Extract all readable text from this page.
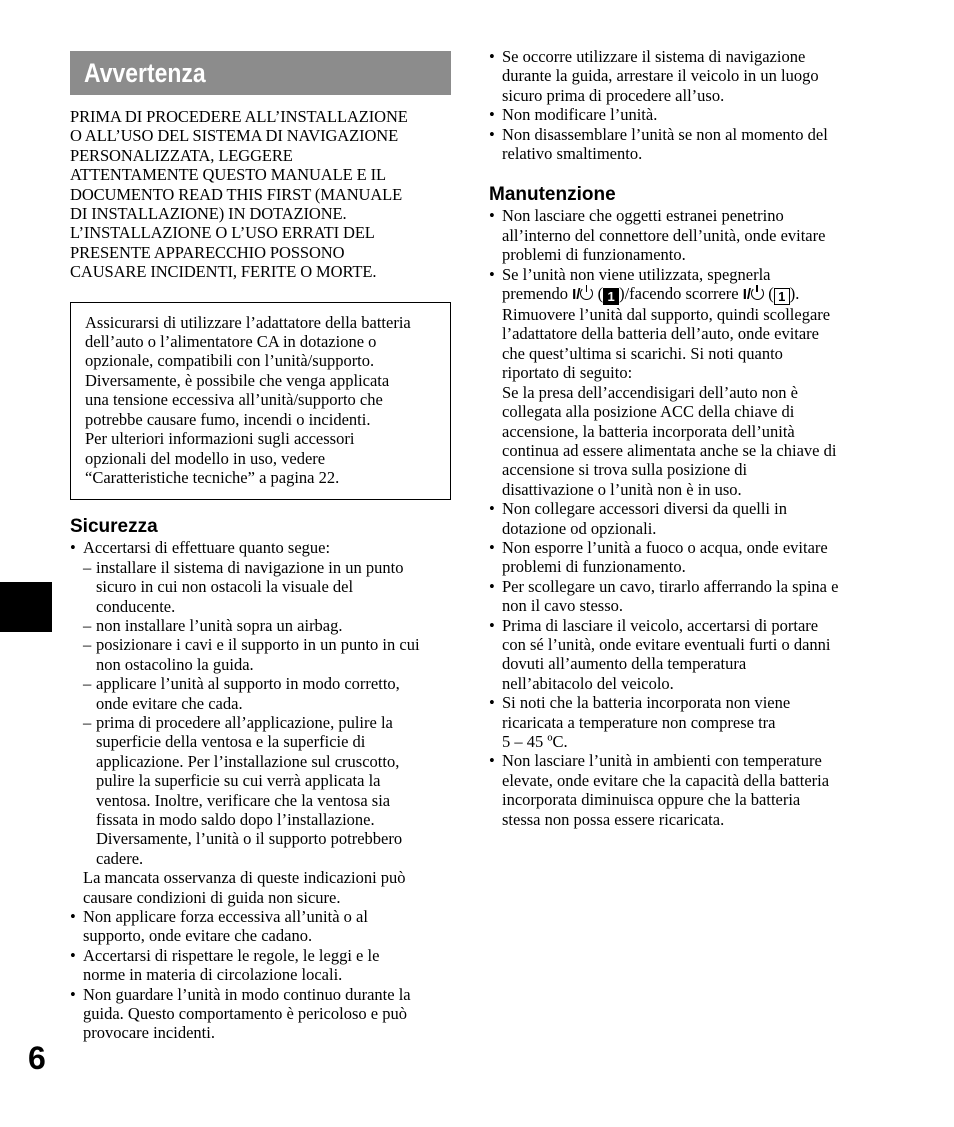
6
Avvertenza
PRIMA DI PROCEDERE ALL’INSTALLAZIONE
O ALL’USO DEL SISTEMA DI NAVIGAZIONE
PERSONALIZZATA, LEGGERE
ATTENTAMENTE QUESTO MANUALE E IL
DOCUMENTO READ THIS FIRST (MANUALE
DI INSTALLAZIONE) IN DOTAZIONE.
L’INSTALLAZIONE O L’USO ERRATI DEL
PRESENTE APPARECCHIO POSSONO
CAUSARE INCIDENTI, FERITE O MORTE.
Assicurarsi di utilizzare l’adattatore della batteria
dell’auto o l’alimentatore CA in dotazione o
opzionale, compatibili con l’unità/supporto.
Diversamente, è possibile che venga applicata
una tensione eccessiva all’unità/supporto che
potrebbe causare fumo, incendi o incidenti.
Per ulteriori informazioni sugli accessori
opzionali del modello in uso, vedere
“Caratteristiche tecniche” a pagina 22.
Sicurezza
• Accertarsi di effettuare quanto segue:
– installare il sistema di navigazione in un punto
sicuro in cui non ostacoli la visuale del
conducente.
– non installare l’unità sopra un airbag.
– posizionare i cavi e il supporto in un punto in cui
non ostacolino la guida.
– applicare l’unità al supporto in modo corretto,
onde evitare che cada.
– prima di procedere all’applicazione, pulire la
superficie della ventosa e la superficie di
applicazione. Per l’installazione sul cruscotto,
pulire la superficie su cui verrà applicata la
ventosa. Inoltre, verificare che la ventosa sia
fissata in modo saldo dopo l’installazione.
Diversamente, l’unità o il supporto potrebbero
cadere.
La mancata osservanza di queste indicazioni può
causare condizioni di guida non sicure.
• Non applicare forza eccessiva all’unità o al
supporto, onde evitare che cadano.
• Accertarsi di rispettare le regole, le leggi e le
norme in materia di circolazione locali.
• Non guardare l’unità in modo continuo durante la
guida. Questo comportamento è pericoloso e può
provocare incidenti.
• Se occorre utilizzare il sistema di navigazione
durante la guida, arrestare il veicolo in un luogo
sicuro prima di procedere all’uso.
• Non modificare l’unità.
• Non disassemblare l’unità se non al momento del
relativo smaltimento.
Manutenzione
• Non lasciare che oggetti estranei penetrino
all’interno del connettore dell’unità, onde evitare
problemi di funzionamento.
• Se l’unità non viene utilizzata, spegnerla
premendo I/ ( 1 )/facendo scorrere I/ ( 1 ).
Rimuovere l’unità dal supporto, quindi scollegare
l’adattatore della batteria dell’auto, onde evitare
che quest’ultima si scarichi. Si noti quanto
riportato di seguito:
Se la presa dell’accendisigari dell’auto non è
collegata alla posizione ACC della chiave di
accensione, la batteria incorporata dell’unità
continua ad essere alimentata anche se la chiave di
accensione si trova sulla posizione di
disattivazione o l’unità non è in uso.
• Non collegare accessori diversi da quelli in
dotazione od opzionali.
• Non esporre l’unità a fuoco o acqua, onde evitare
problemi di funzionamento.
• Per scollegare un cavo, tirarlo afferrando la spina e
non il cavo stesso.
• Prima di lasciare il veicolo, accertarsi di portare
con sé l’unità, onde evitare eventuali furti o danni
dovuti all’aumento della temperatura
nell’abitacolo del veicolo.
• Si noti che la batteria incorporata non viene
ricaricata a temperature non comprese tra
5 – 45 ºC.
• Non lasciare l’unità in ambienti con temperature
elevate, onde evitare che la capacità della batteria
incorporata diminuisca oppure che la batteria
stessa non possa essere ricaricata.
